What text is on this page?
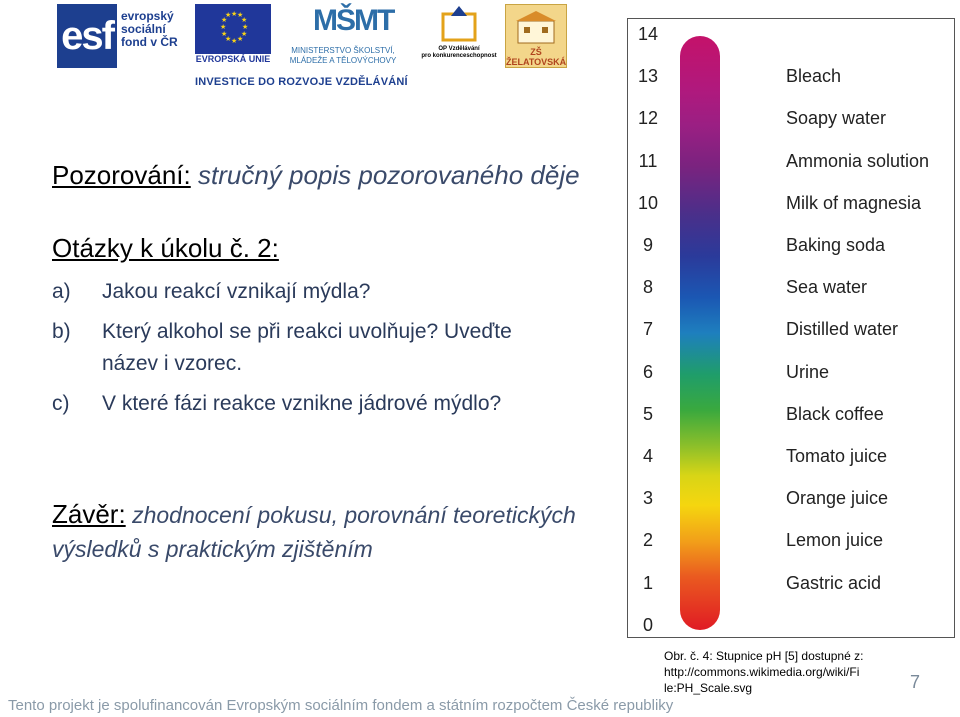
esf evropský
sociální
fond v ČR
★ ★
★
★
★
★
★
★
★
★
★
★
EVROPSKÁ UNIE
MŠMT
MINISTERSTVO ŠKOLSTVÍ,
MLÁDEŽE A TĚLOVÝCHOVY
OP Vzdělávání
pro konkurenceschopnost	ZŠ ŽELATOVSKÁ
INVESTICE DO ROZVOJE VZDĚLÁVÁNÍ
Pozorování: stručný popis pozorovaného děje
Otázky k úkolu č. 2:
a) Jakou reakcí vznikají mýdla?
b) Který alkohol se při reakci uvolňuje? Uveďte
název i vzorec.
c) V které fázi reakce vznikne jádrové mýdlo?
Závěr: zhodnocení pokusu, porovnání teoretických výsledků s praktickým zjištěním
14
13
12
11
10
9
8
7
6
5
4
3
2
1
0
Bleach
Soapy water
Ammonia solution
Milk of magnesia
Baking soda
Sea water
Distilled water
Urine
Black coffee
Tomato juice
Orange juice
Lemon juice
Gastric acid
Obr. č. 4: Stupnice pH [5] dostupné z:
http://commons.wikimedia.org/wiki/Fi
le:PH_Scale.svg	7
Tento projekt je spolufinancován Evropským sociálním fondem a státním rozpočtem České republiky
